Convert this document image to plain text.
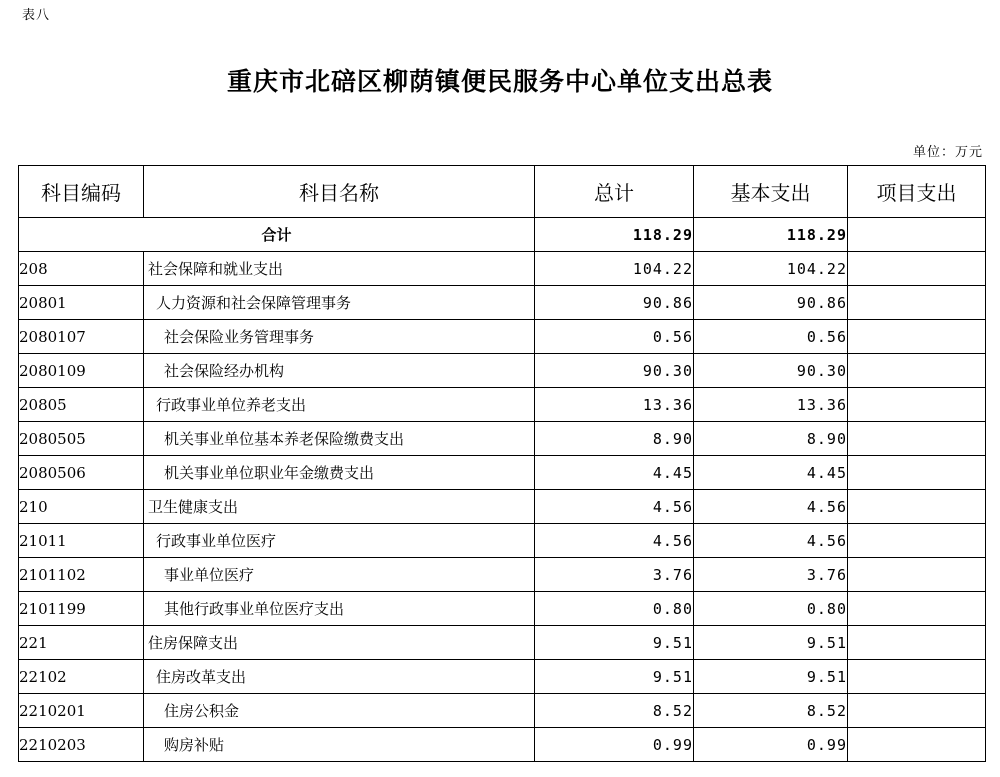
表八
重庆市北碚区柳荫镇便民服务中心单位支出总表
单位：万元
科目编码	科目名称	总计	基本支出	项目支出
合计		118.29	118.29	
208	社会保障和就业支出	104.22	104.22	
20801	人力资源和社会保障管理事务	90.86	90.86	
2080107	社会保险业务管理事务	0.56	0.56	
2080109	社会保险经办机构	90.30	90.30	
20805	行政事业单位养老支出	13.36	13.36	
2080505	机关事业单位基本养老保险缴费支出	8.90	8.90	
2080506	机关事业单位职业年金缴费支出	4.45	4.45	
210	卫生健康支出	4.56	4.56	
21011	行政事业单位医疗	4.56	4.56	
2101102	事业单位医疗	3.76	3.76	
2101199	其他行政事业单位医疗支出	0.80	0.80	
221	住房保障支出	9.51	9.51	
22102	住房改革支出	9.51	9.51	
2210201	住房公积金	8.52	8.52	
2210203	购房补贴	0.99	0.99	
